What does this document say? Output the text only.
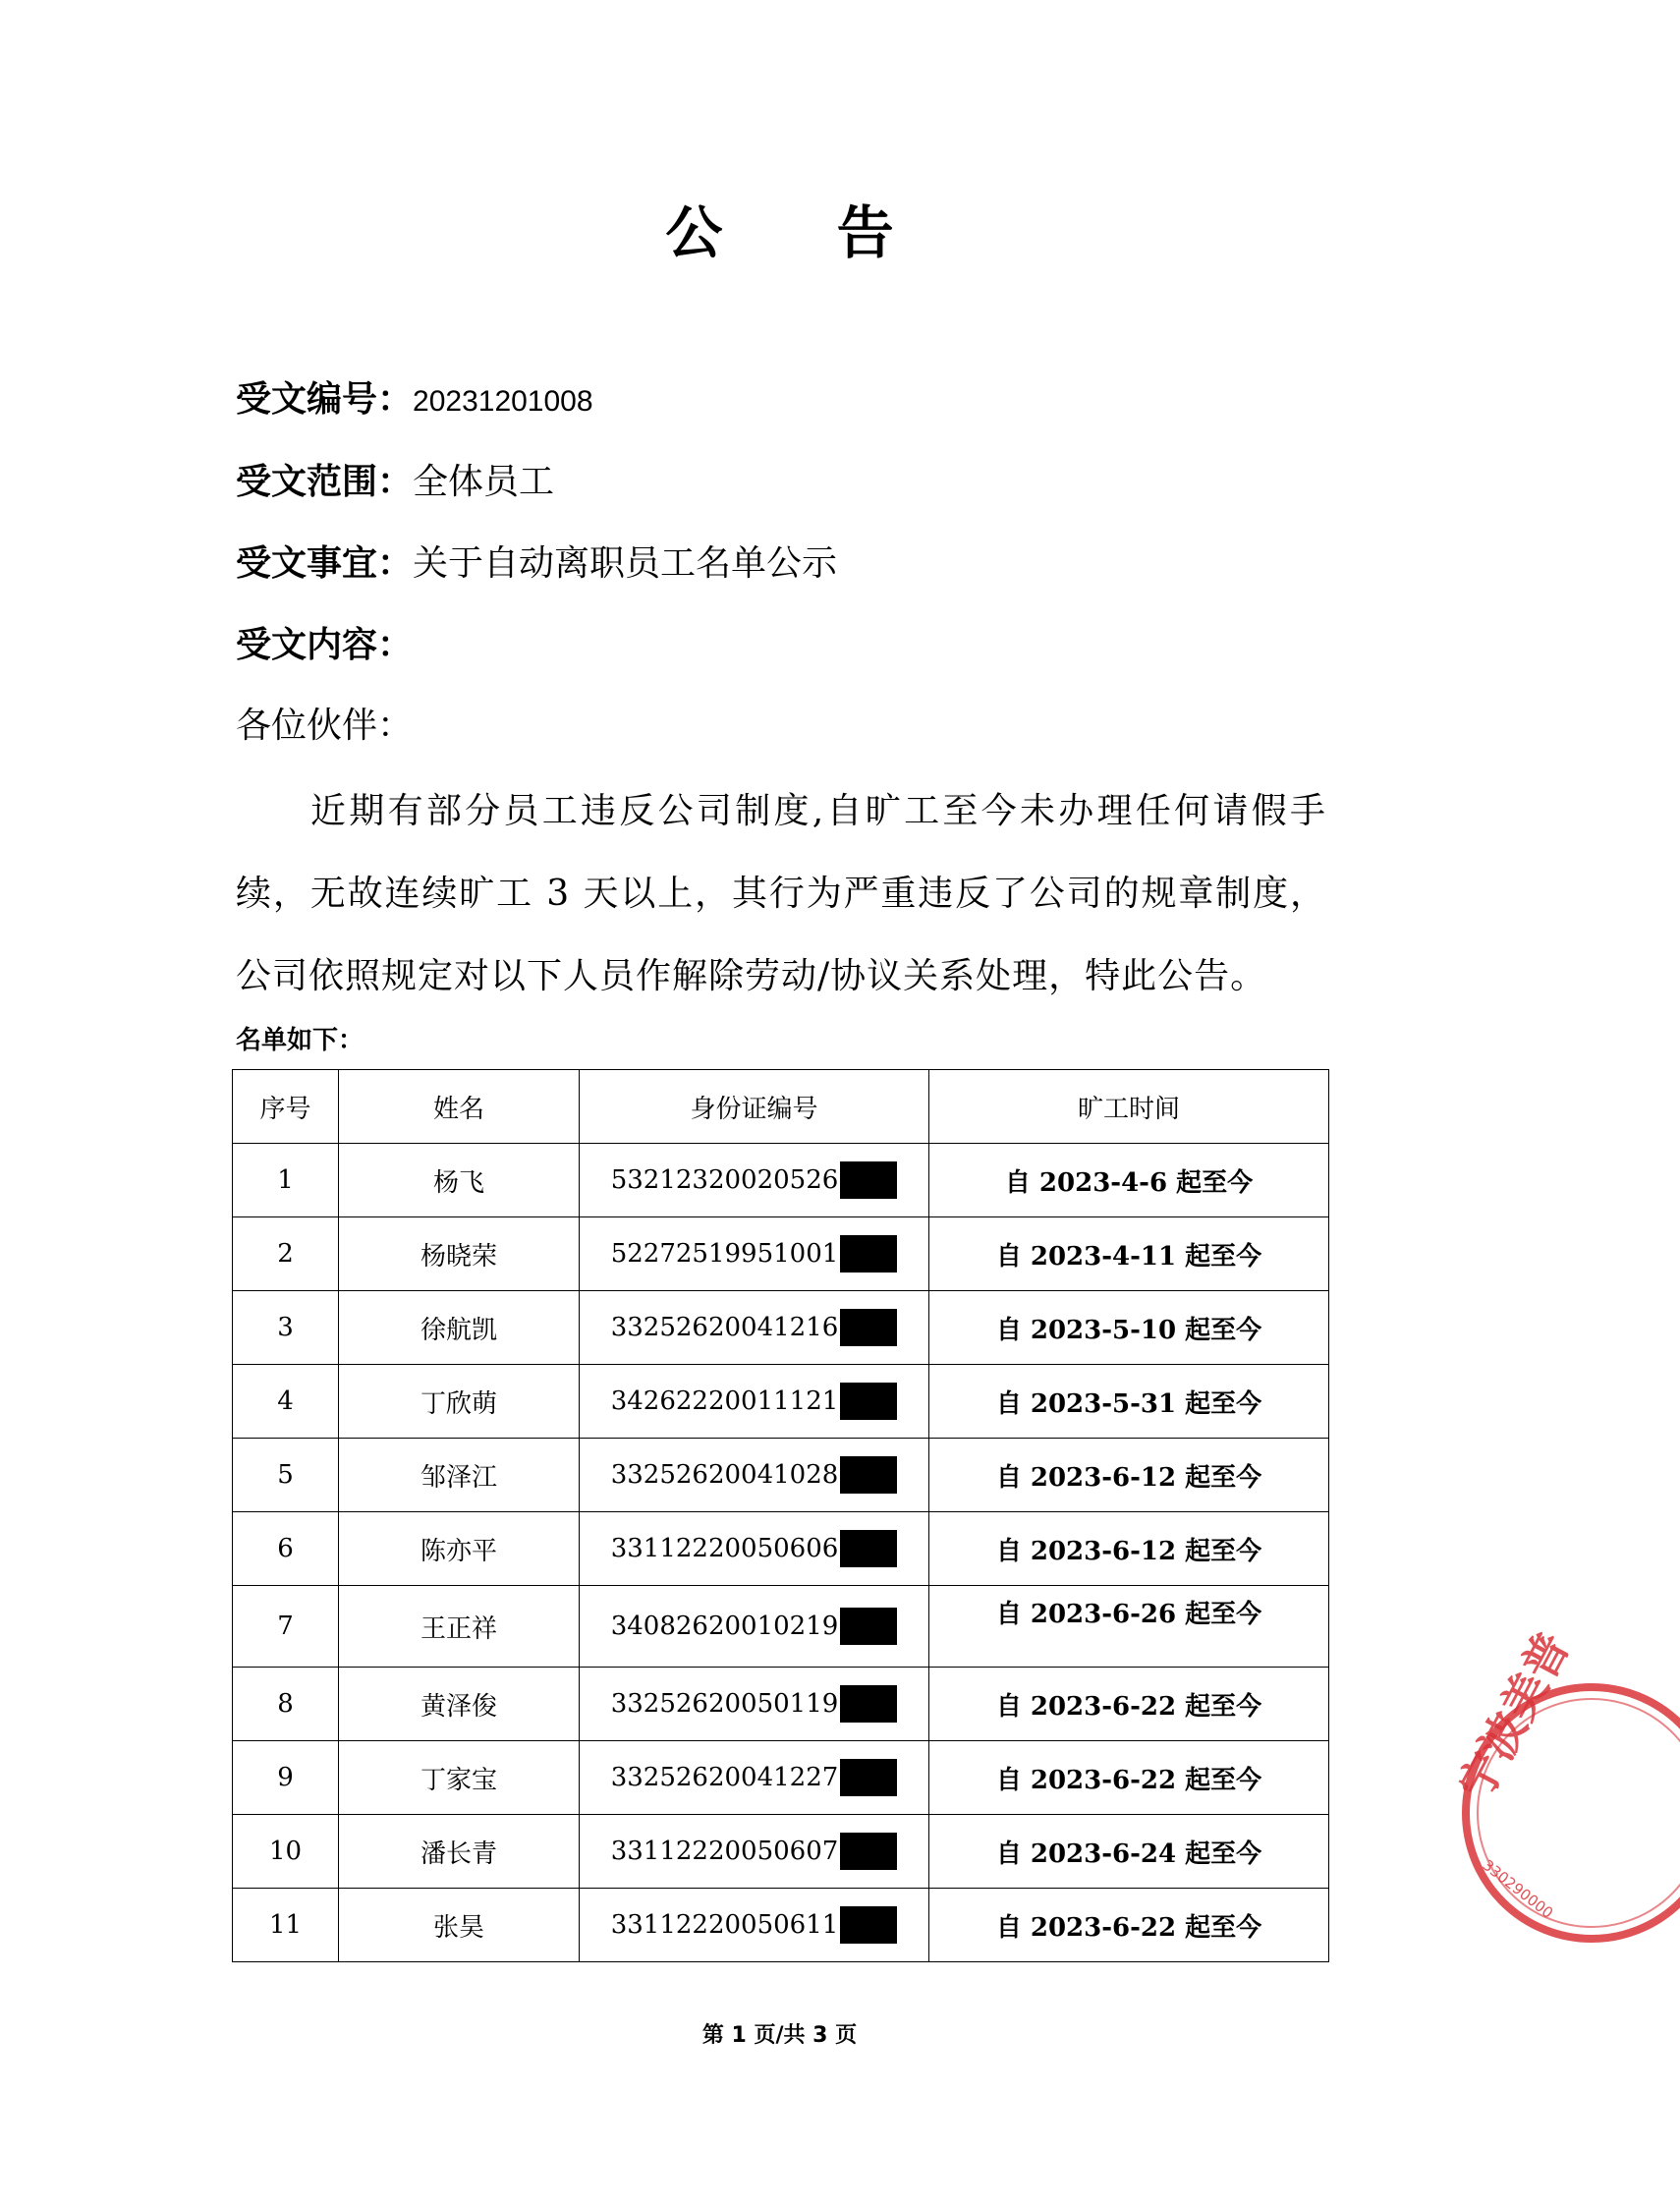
公 告
受文编号：20231201008
受文范围：全体员工
受文事宜：关于自动离职员工名单公示
受文内容：
各位伙伴：
近期有部分员工违反公司制度,自旷工至今未办理任何请假手续，无故连续旷工 3 天以上，其行为严重违反了公司的规章制度，公司依照规定对以下人员作解除劳动/协议关系处理，特此公告。
名单如下：
序号	姓名	身份证编号	旷工时间
1	杨飞	53212320020526	自 2023-4-6 起至今
2	杨晓荣	52272519951001	自 2023-4-11 起至今
3	徐航凯	33252620041216	自 2023-5-10 起至今
4	丁欣萌	34262220011121	自 2023-5-31 起至今
5	邹泽江	33252620041028	自 2023-6-12 起至今
6	陈亦平	33112220050606	自 2023-6-12 起至今
7	王正祥	34082620010219	自 2023-6-26 起至今
8	黄泽俊	33252620050119	自 2023-6-22 起至今
9	丁家宝	33252620041227	自 2023-6-22 起至今
10	潘长青	33112220050607	自 2023-6-24 起至今
11	张昊	33112220050611	自 2023-6-22 起至今
第 1 页/共 3 页
宁波美普
330290000
